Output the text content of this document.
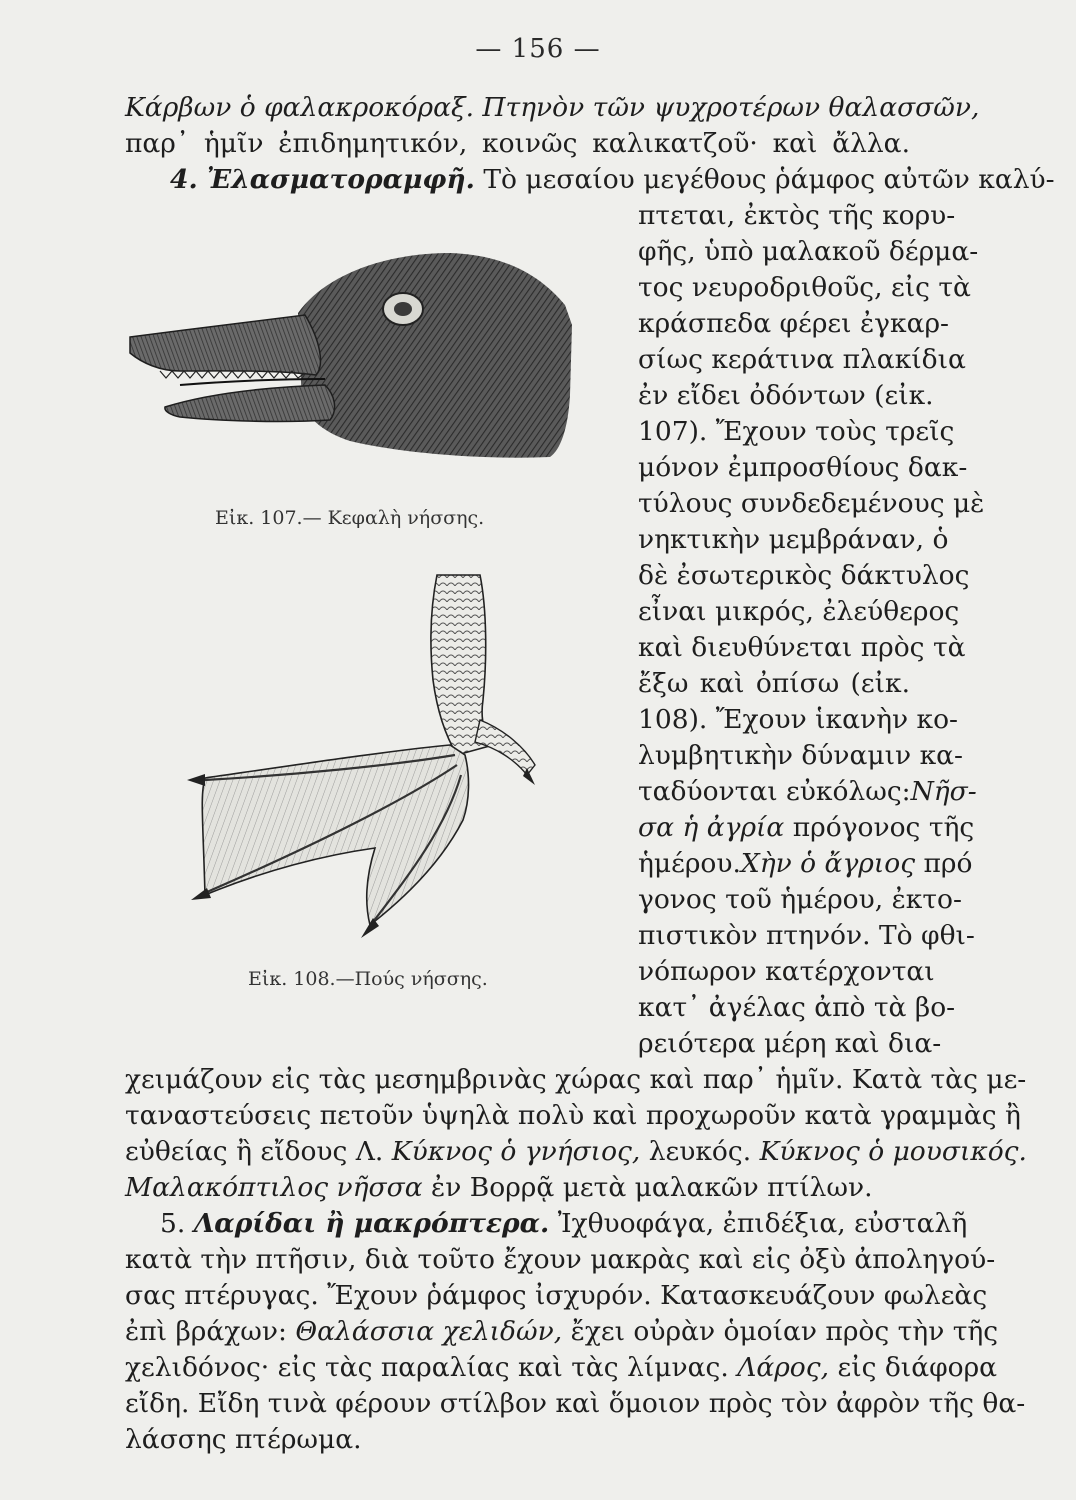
— 156 —
Κάρβων ὁ φαλακροκόραξ. Πτηνὸν τῶν ψυχροτέρων θαλασσῶν,
παρ᾿ ἡμῖν ἐπιδημητικόν, κοινῶς καλικατζοῦ· καὶ ἄλλα.
4. Ἐλασματοραμφῆ. Τὸ μεσαίου μεγέθους ῥάμφος αὐτῶν καλύ-
πτεται, ἐκτὸς τῆς κορυ-
φῆς, ὑπὸ μαλακοῦ δέρμα-
τος νευροδριθοῦς, εἰς τὰ
κράσπεδα φέρει ἐγκαρ-
σίως κεράτινα πλακίδια
ἐν εἴδει ὀδόντων (εἰκ.
107). Ἔχουν τοὺς τρεῖς
μόνον ἐμπροσθίους δακ-
τύλους συνδεδεμένους μὲ
νηκτικὴν μεμβράναν, ὁ
δὲ ἐσωτερικὸς δάκτυλος
εἶναι μικρός, ἐλεύθερος
καὶ διευθύνεται πρὸς τὰ
ἔξω καὶ ὀπίσω (εἰκ.
108). Ἔχουν ἱκανὴν κο-
λυμβητικὴν δύναμιν κα-
ταδύονται εὐκόλως:Νῆσ-
σα ἡ ἀγρία πρόγονος τῆς
ἡμέρου.Χὴν ὁ ἄγριος πρό
γονος τοῦ ἡμέρου, ἐκτο-
πιστικὸν πτηνόν. Τὸ φθι-
νόπωρον κατέρχονται
κατ᾿ ἀγέλας ἀπὸ τὰ βο-
ρειότερα μέρη καὶ δια-
χειμάζουν εἰς τὰς μεσημβρινὰς χώρας καὶ παρ᾿ ἡμῖν. Κατὰ τὰς με-
ταναστεύσεις πετοῦν ὑψηλὰ πολὺ καὶ προχωροῦν κατὰ γραμμὰς ἢ
εὐθείας ἢ εἴδους Λ. Κύκνος ὁ γνήσιος, λευκός. Κύκνος ὁ μουσικός.
Μαλακόπτιλος νῆσσα ἐν Βορρᾷ μετὰ μαλακῶν πτίλων.
5. Λαρίδαι ἢ μακρόπτερα. Ἰχθυοφάγα, ἐπιδέξια, εὐσταλῆ
κατὰ τὴν πτῆσιν, διὰ τοῦτο ἔχουν μακρὰς καὶ εἰς ὀξὺ ἀποληγού-
σας πτέρυγας. Ἔχουν ῥάμφος ἰσχυρόν. Κατασκευάζουν φωλεὰς
ἐπὶ βράχων: Θαλάσσια χελιδών, ἔχει οὐρὰν ὁμοίαν πρὸς τὴν τῆς
χελιδόνος· εἰς τὰς παραλίας καὶ τὰς λίμνας. Λάρος, εἰς διάφορα
εἴδη. Εἴδη τινὰ φέρουν στίλβον καὶ ὅμοιον πρὸς τὸν ἀφρὸν τῆς θα-
λάσσης πτέρωμα.
Εἰκ. 107.— Κεφαλὴ νήσσης.
Εἰκ. 108.—Πούς νήσσης.
